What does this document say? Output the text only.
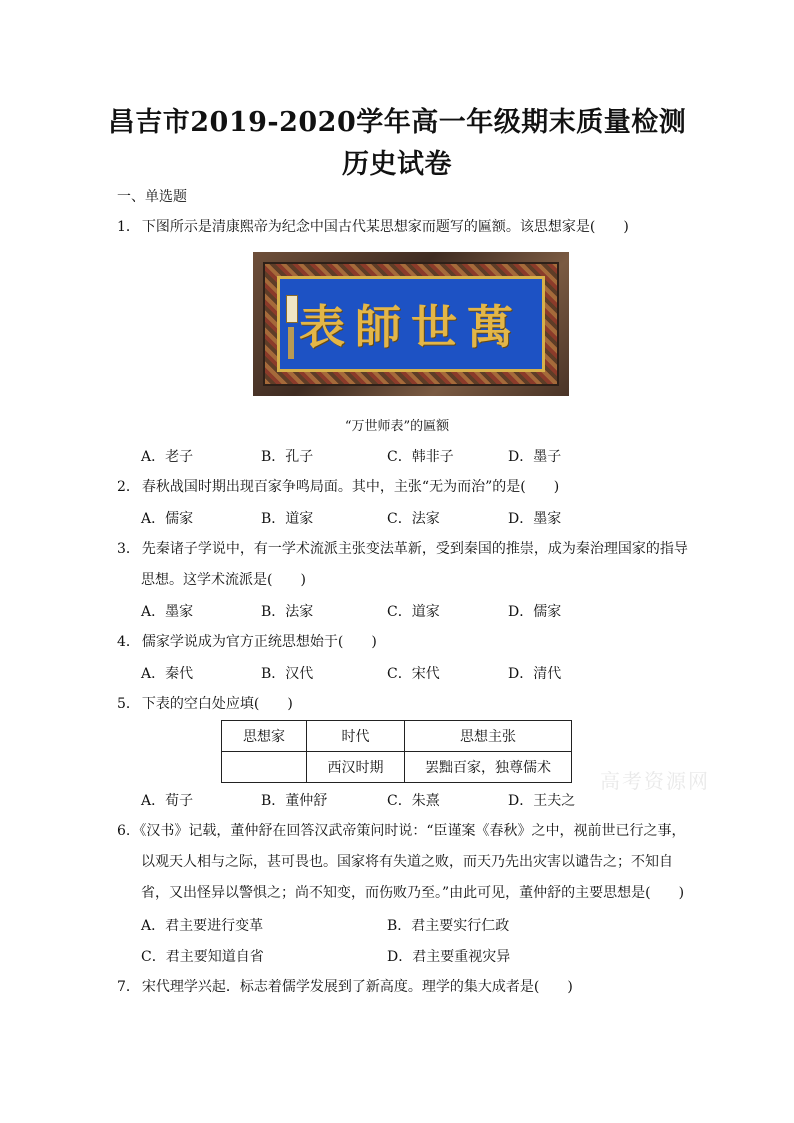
昌吉市2019-2020学年高一年级期末质量检测
历史试卷
一、单选题
1． 下图所示是清康熙帝为纪念中国古代某思想家而题写的匾额。该思想家是(　　)
表師世萬
“万世师表”的匾额
A．老子	B．孔子	C．韩非子	D．墨子
2． 春秋战国时期出现百家争鸣局面。其中，主张“无为而治”的是(　　)
A．儒家	B．道家	C．法家	D．墨家
3． 先秦诸子学说中，有一学术流派主张变法革新，受到秦国的推崇，成为秦治理国家的指导
思想。这学术流派是(　　)
A．墨家	B．法家	C．道家	D．儒家
4． 儒家学说成为官方正统思想始于(　　)
A．秦代	B．汉代	C．宋代	D．清代
5． 下表的空白处应填(　　)
思想家	时代	思想主张
	西汉时期	罢黜百家，独尊儒术
高考资源网
A．荀子	B．董仲舒	C．朱熹	D．王夫之
6. 《汉书》记载，董仲舒在回答汉武帝策问时说：“臣谨案《春秋》之中，视前世已行之事，
以观天人相与之际，甚可畏也。国家将有失道之败，而天乃先出灾害以谴告之；不知自
省，又出怪异以警惧之；尚不知变，而伤败乃至。”由此可见，董仲舒的主要思想是(　　)
A．君主要进行变革	B．君主要实行仁政
C．君主要知道自省	D．君主要重视灾异
7． 宋代理学兴起．标志着儒学发展到了新高度。理学的集大成者是(　　)
